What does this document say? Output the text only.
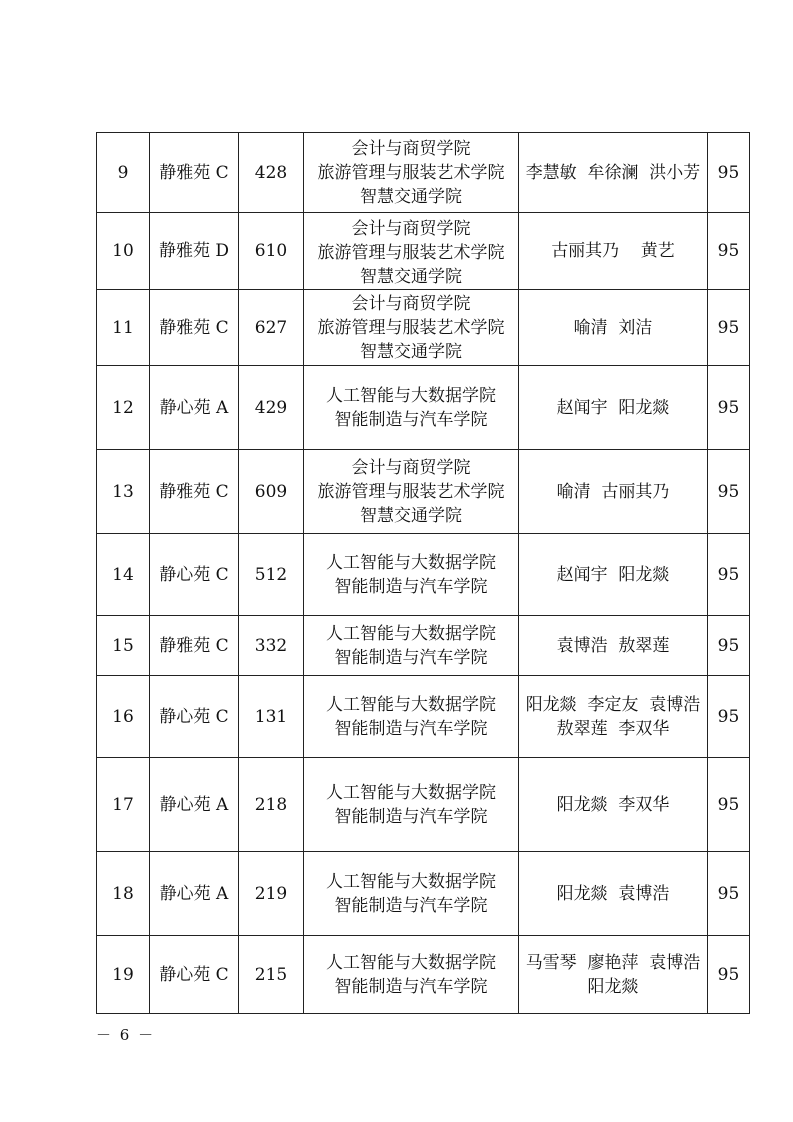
9	静雅苑 C	428	会计与商贸学院
旅游管理与服装艺术学院
智慧交通学院	李慧敏  牟徐澜  洪小芳	95
10	静雅苑 D	610	会计与商贸学院
旅游管理与服装艺术学院
智慧交通学院	古丽其乃    黄艺	95
11	静雅苑 C	627	会计与商贸学院
旅游管理与服装艺术学院
智慧交通学院	喻清  刘洁	95
12	静心苑 A	429	人工智能与大数据学院
智能制造与汽车学院	赵闻宇  阳龙燚	95
13	静雅苑 C	609	会计与商贸学院
旅游管理与服装艺术学院
智慧交通学院	喻清  古丽其乃	95
14	静心苑 C	512	人工智能与大数据学院
智能制造与汽车学院	赵闻宇  阳龙燚	95
15	静雅苑 C	332	人工智能与大数据学院
智能制造与汽车学院	袁博浩  敖翠莲	95
16	静心苑 C	131	人工智能与大数据学院
智能制造与汽车学院	阳龙燚  李定友  袁博浩
敖翠莲  李双华	95
17	静心苑 A	218	人工智能与大数据学院
智能制造与汽车学院	阳龙燚  李双华	95
18	静心苑 A	219	人工智能与大数据学院
智能制造与汽车学院	阳龙燚  袁博浩	95
19	静心苑 C	215	人工智能与大数据学院
智能制造与汽车学院	马雪琴  廖艳萍  袁博浩
阳龙燚	95
－ 6 －
